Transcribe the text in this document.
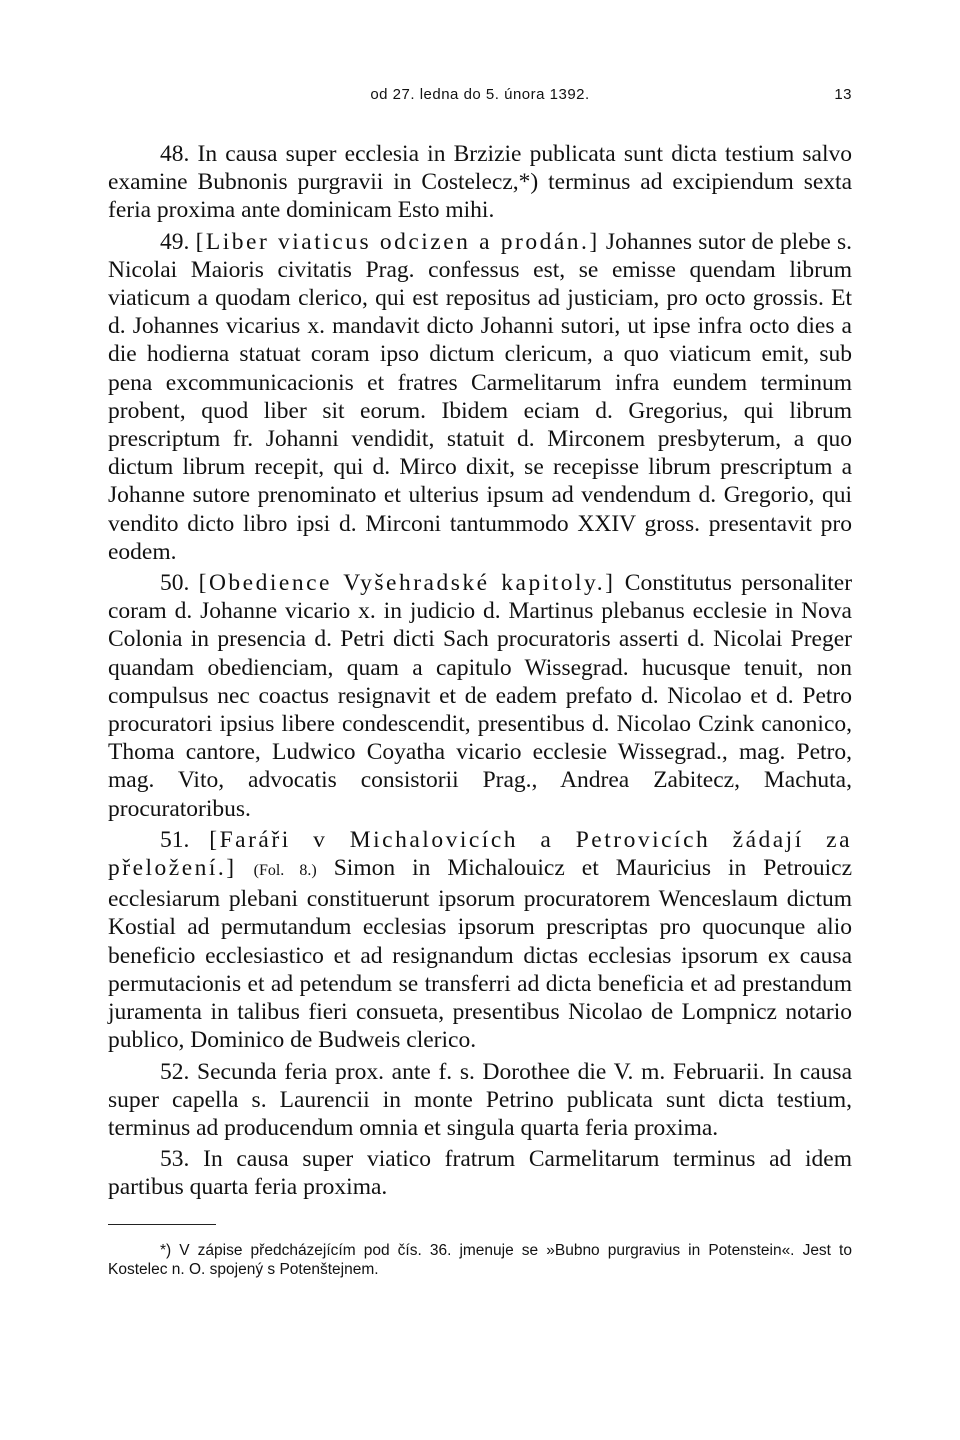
od 27. ledna do 5. února 1392.	13

48. In causa super ecclesia in Brzizie publicata sunt dicta testium salvo examine Bubnonis purgravii in Costelecz,*) terminus ad excipiendum sexta feria proxima ante dominicam Esto mihi.

49. [Liber viaticus odcizen a prodán.] Johannes sutor de plebe s. Nicolai Maioris civitatis Prag. confessus est, se emisse quendam librum viaticum a quodam clerico, qui est repositus ad justiciam, pro octo grossis. Et d. Johannes vicarius x. mandavit dicto Johanni sutori, ut ipse infra octo dies a die hodierna statuat coram ipso dictum clericum, a quo viaticum emit, sub pena excommunicacionis et fratres Carmelitarum infra eundem terminum probent, quod liber sit eorum. Ibidem eciam d. Gregorius, qui librum prescriptum fr. Johanni vendidit, statuit d. Mirconem presbyterum, a quo dictum librum recepit, qui d. Mirco dixit, se recepisse librum prescriptum a Johanne sutore prenominato et ulterius ipsum ad vendendum d. Gregorio, qui vendito dicto libro ipsi d. Mirconi tantummodo XXIV gross. presentavit pro eodem.

50. [Obedience Vyšehradské kapitoly.] Constitutus personaliter coram d. Johanne vicario x. in judicio d. Martinus plebanus ecclesie in Nova Colonia in presencia d. Petri dicti Sach procuratoris asserti d. Nicolai Preger quandam obedienciam, quam a capitulo Wissegrad. hucusque tenuit, non compulsus nec coactus resignavit et de eadem prefato d. Nicolao et d. Petro procuratori ipsius libere condescendit, presentibus d. Nicolao Czink canonico, Thoma cantore, Ludwico Coyatha vicario ecclesie Wissegrad., mag. Petro, mag. Vito, advocatis consistorii Prag., Andrea Zabitecz, Machuta, procuratoribus.

51. [Faráři v Michalovicích a Petrovicích žádají za přeložení.] (Fol. 8.) Simon in Michalouicz et Mauricius in Petrouicz ecclesiarum plebani constituerunt ipsorum procuratorem Wenceslaum dictum Kostial ad permutandum ecclesias ipsorum prescriptas pro quocunque alio beneficio ecclesiastico et ad resignandum dictas ecclesias ipsorum ex causa permutacionis et ad petendum se transferri ad dicta beneficia et ad prestandum juramenta in talibus fieri consueta, presentibus Nicolao de Lompnicz notario publico, Dominico de Budweis clerico.

52. Secunda feria prox. ante f. s. Dorothee die V. m. Februarii. In causa super capella s. Laurencii in monte Petrino publicata sunt dicta testium, terminus ad producendum omnia et singula quarta feria proxima.

53. In causa super viatico fratrum Carmelitarum terminus ad idem partibus quarta feria proxima.

*) V zápise předcházejícím pod čís. 36. jmenuje se »Bubno purgravius in Potenstein«. Jest to Kostelec n. O. spojený s Potenštejnem.
